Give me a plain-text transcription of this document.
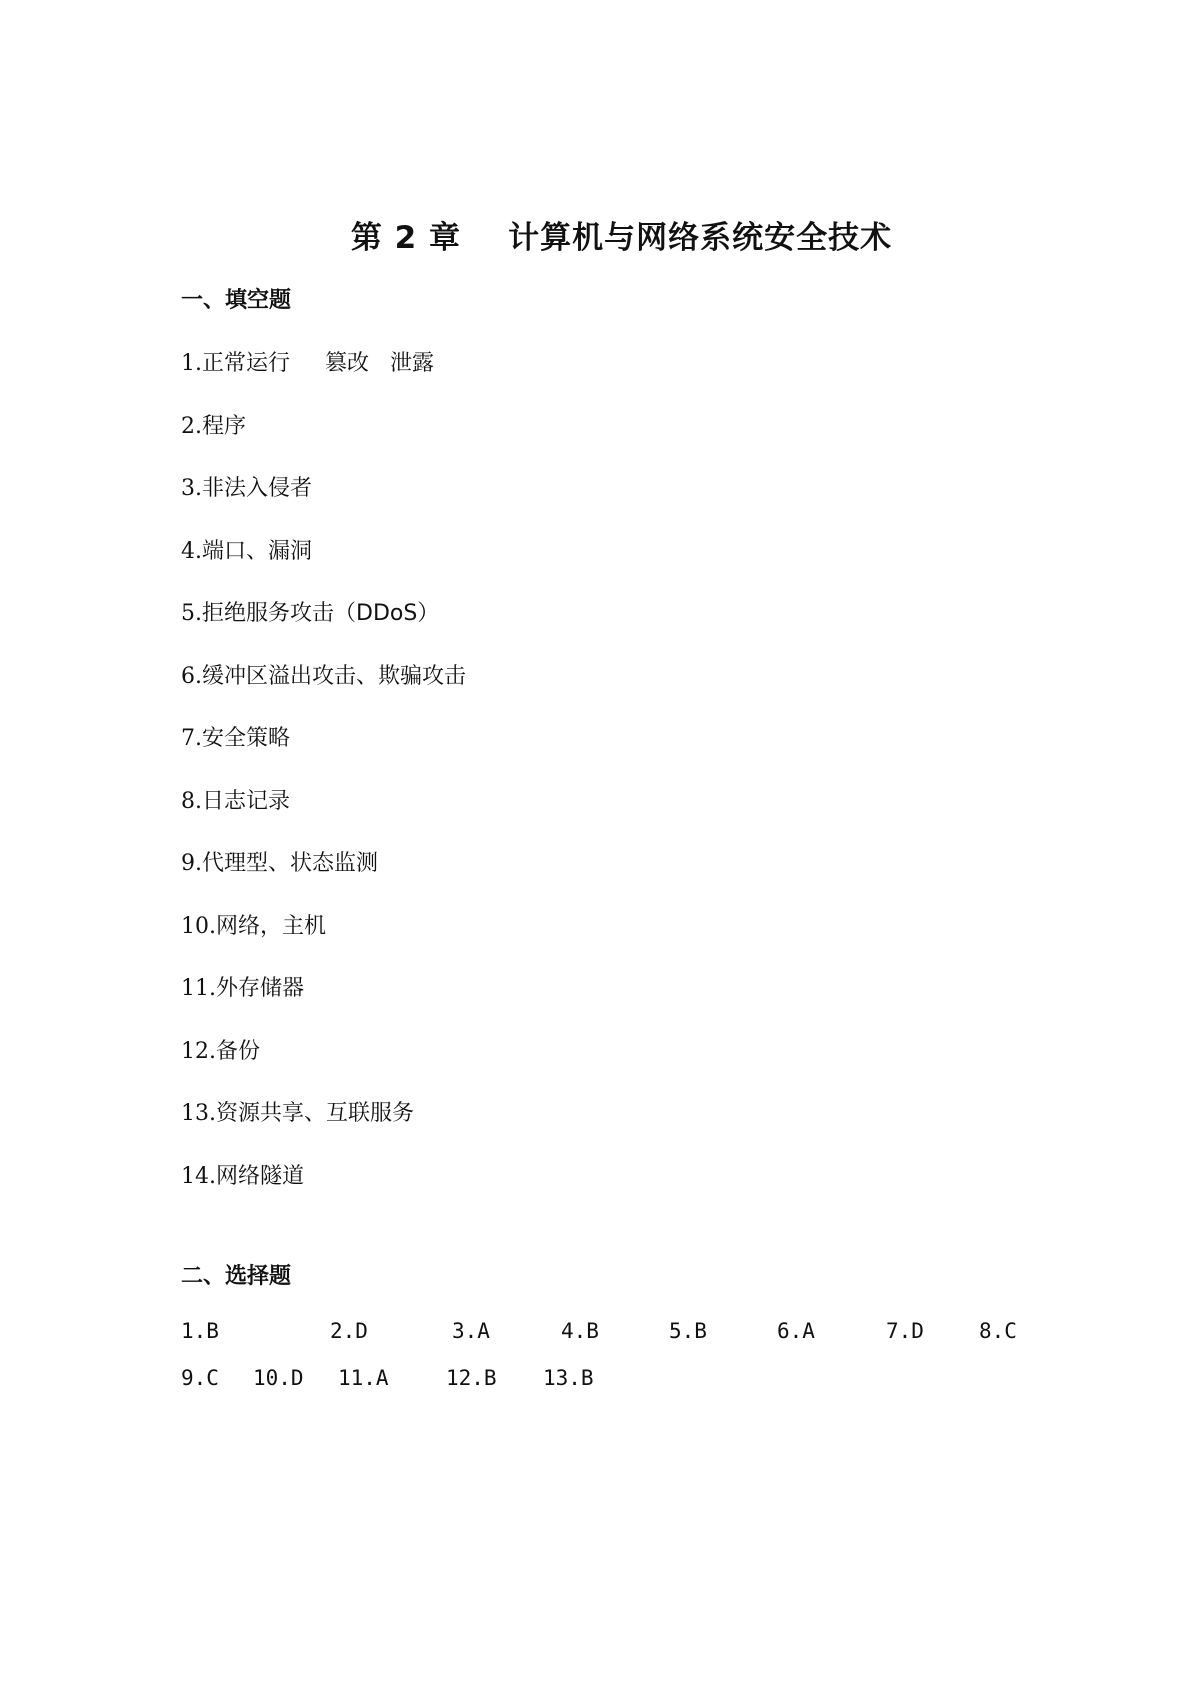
第 2 章    计算机与网络系统安全技术
一、填空题
1.正常运行     篡改   泄露
2.程序
3.非法入侵者
4.端口、漏洞
5.拒绝服务攻击（DDoS）
6.缓冲区溢出攻击、欺骗攻击
7.安全策略
8.日志记录
9.代理型、状态监测
10.网络，主机
11.外存储器
12.备份
13.资源共享、互联服务
14.网络隧道
二、选择题
1.B	2.D	3.A	4.B	5.B	6.A	7.D	8.C
9.C 10.D 11.A	12.B 13.B
